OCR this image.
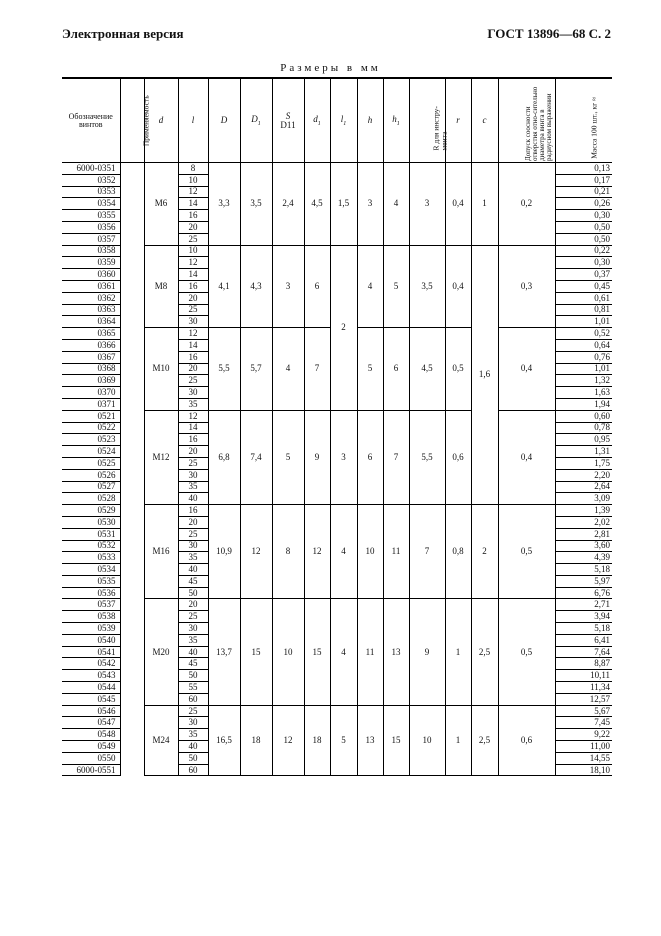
Электронная версия	ГОСТ 13896—68 С. 2
Размеры в мм
Обозначение винтов	Применяемость	d	l	D	$D_1$	S
D11	$d_1$	$l_1$	h	$h_1$	R для инстру-мента	r	c	Допуск соосности отверстия отно-сительно диаметра винта в радиусном выражении	Масса 100 шт., кг ≈
6000-0351		М6	8	3,3	3,5	2,4	4,5	1,5	3	4	3	0,4	1	0,2	0,13
0352			10												0,17
0353			12												0,21
0354			14												0,26
0355			16												0,30
0356			20												0,50
0357			25												0,50
0358		М8	10	4,1	4,3	3	6	2	4	5	3,5	0,4	1,6	0,3	0,22
0359			12												0,30
0360			14												0,37
0361			16												0,45
0362			20												0,61
0363			25												0,81
0364			30												1,01
0365		М10	12	5,5	5,7	4	7		5	6	4,5	0,5		0,4	0,52
0366			14												0,64
0367			16												0,76
0368			20												1,01
0369			25												1,32
0370			30												1,63
0371			35												1,94
0521		М12	12	6,8	7,4	5	9	3	6	7	5,5	0,6		0,4	0,60
0522			14												0,78
0523			16												0,95
0524			20												1,31
0525			25												1,75
0526			30												2,20
0527			35												2,64
0528			40												3,09
0529		М16	16	10,9	12	8	12	4	10	11	7	0,8	2	0,5	1,39
0530			20												2,02
0531			25												2,81
0532			30												3,60
0533			35												4,39
0534			40												5,18
0535			45												5,97
0536			50												6,76
0537		М20	20	13,7	15	10	15	4	11	13	9	1	2,5	0,5	2,71
0538			25												3,94
0539			30												5,18
0540			35												6,41
0541			40												7,64
0542			45												8,87
0543			50												10,11
0544			55												11,34
0545			60												12,57
0546		М24	25	16,5	18	12	18	5	13	15	10	1	2,5	0,6	5,67
0547			30												7,45
0548			35												9,22
0549			40												11,00
0550			50												14,55
6000-0551			60												18,10
